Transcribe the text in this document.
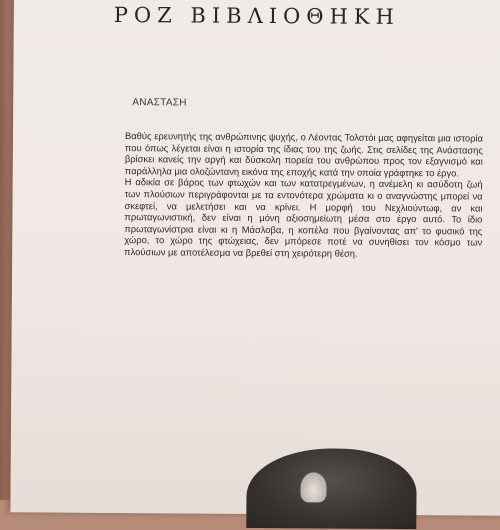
ΡΟΖ ΒΙΒΛΙΟΘΗΚΗ
ΑΝΑΣΤΑΣΗ

Βαθύς ερευνητής της ανθρώπινης ψυχής, ο Λέοντας Τολστόι μας αφηγείται μια ιστορία που όπως λέγεται είναι η ιστορία της ίδιας του της ζωής. Στις σελίδες της Ανάστασης βρίσκει κανείς την αργή και δύσκολη πορεία του ανθρώπου προς τον εξαγνισμό και παράλληλα μια ολοζώντανη εικόνα της εποχής κατά την οποία γράφτηκε το έργο.

Η αδικία σε βάρος των φτωχών και των κατατρεγμένων, η ανέμελη κι ασύδοτη ζωή των πλούσιων περιγράφονται με τα εντονότερα χρώματα κι ο αναγνώστης μπορεί να σκεφτεί, να μελετήσει και να κρίνει. Η μορφή του Νεχλιούντωφ, αν και πρωταγωνιστική, δεν είναι η μόνη αξιοσημείωτη μέσα στο έργο αυτό. Το ίδιο πρωταγωνίστρια είναι κι η Μάσλοβα, η κοπέλα που βγαίνοντας απ' το φυσικό της χώρο, το χώρο της φτώχειας, δεν μπόρεσε ποτέ να συνηθίσει τον κόσμο των πλούσιων με αποτέλεσμα να βρεθεί στη χειρότερη θέση.
